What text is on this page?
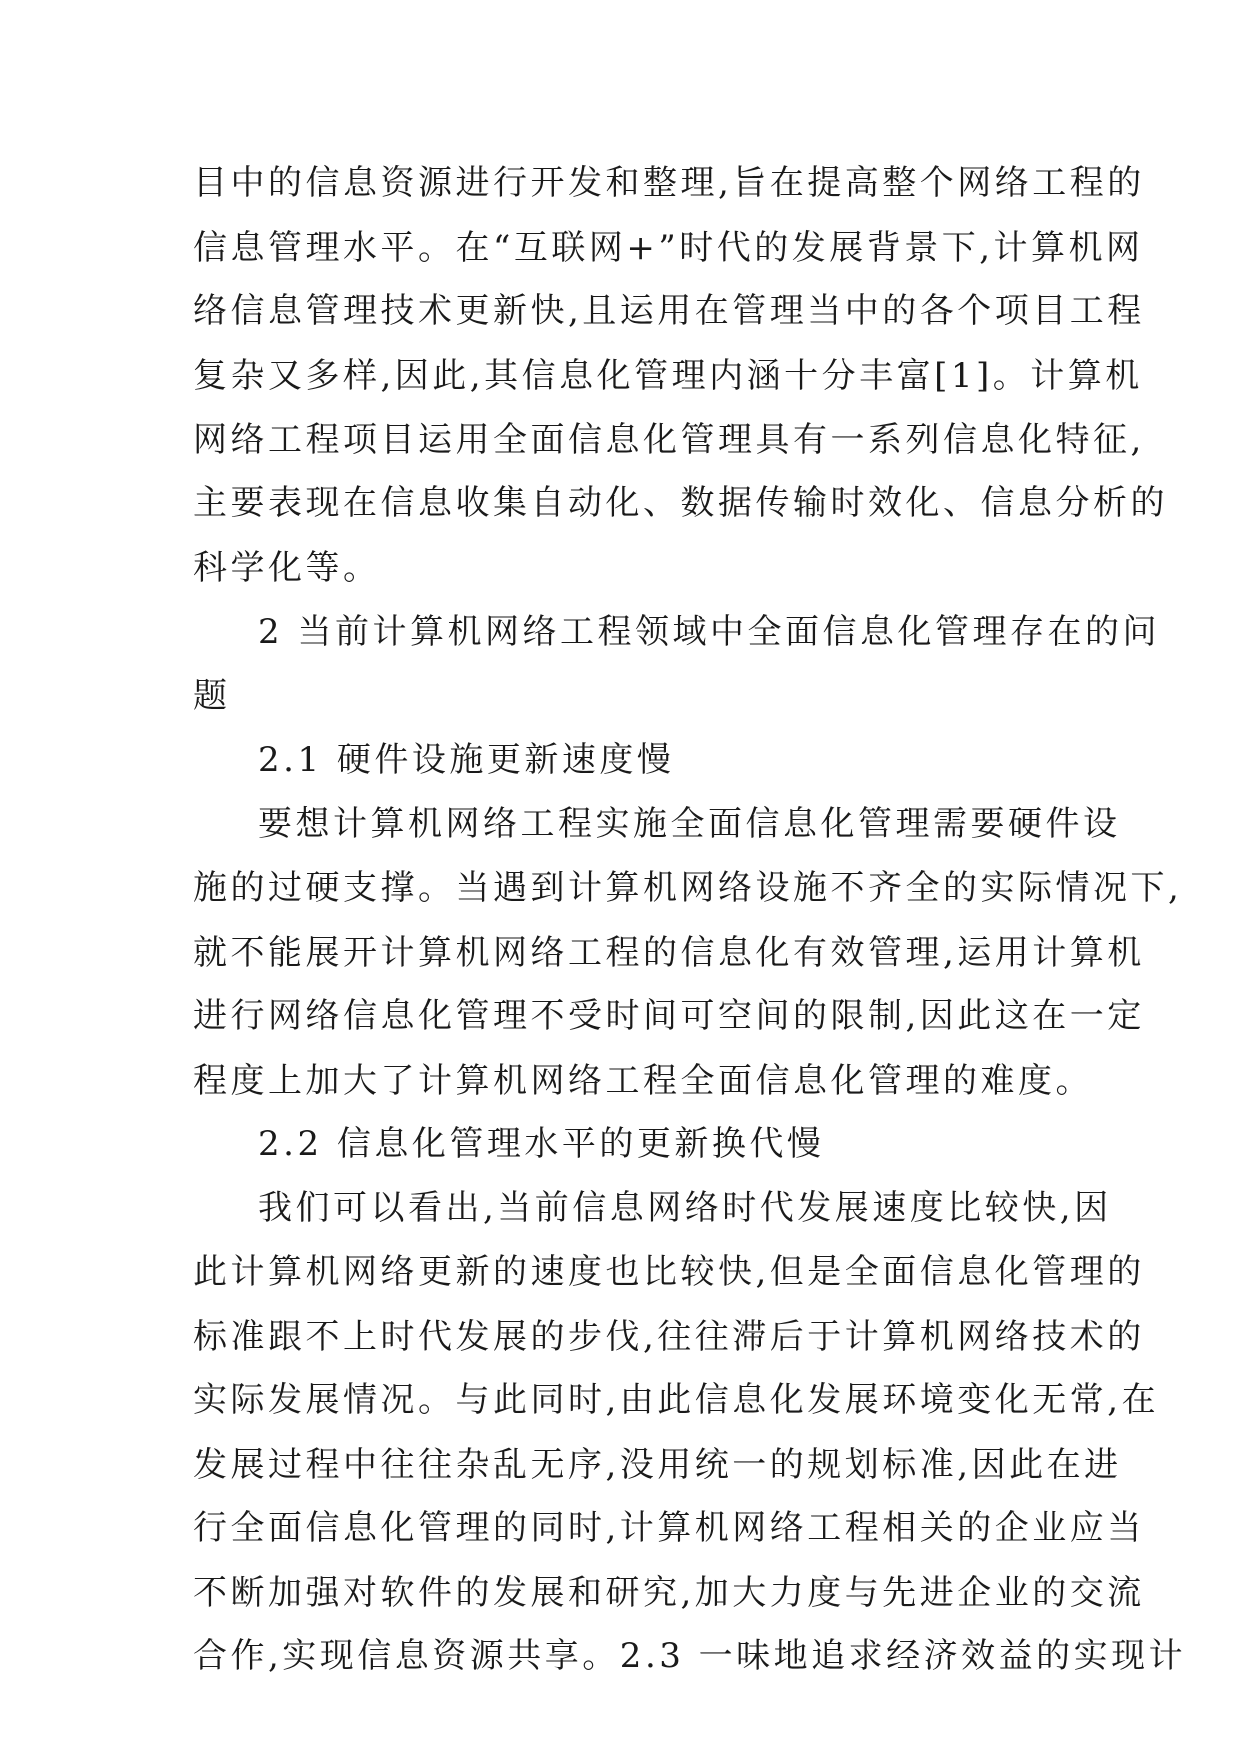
目中的信息资源进行开发和整理,旨在提高整个网络工程的
信息管理水平。在“互联网+”时代的发展背景下,计算机网
络信息管理技术更新快,且运用在管理当中的各个项目工程
复杂又多样,因此,其信息化管理内涵十分丰富[1]。计算机
网络工程项目运用全面信息化管理具有一系列信息化特征,
主要表现在信息收集自动化、数据传输时效化、信息分析的
科学化等。
2 当前计算机网络工程领域中全面信息化管理存在的问
题
2.1 硬件设施更新速度慢
要想计算机网络工程实施全面信息化管理需要硬件设
施的过硬支撑。当遇到计算机网络设施不齐全的实际情况下,
就不能展开计算机网络工程的信息化有效管理,运用计算机
进行网络信息化管理不受时间可空间的限制,因此这在一定
程度上加大了计算机网络工程全面信息化管理的难度。
2.2 信息化管理水平的更新换代慢
我们可以看出,当前信息网络时代发展速度比较快,因
此计算机网络更新的速度也比较快,但是全面信息化管理的
标准跟不上时代发展的步伐,往往滞后于计算机网络技术的
实际发展情况。与此同时,由此信息化发展环境变化无常,在
发展过程中往往杂乱无序,没用统一的规划标准,因此在进
行全面信息化管理的同时,计算机网络工程相关的企业应当
不断加强对软件的发展和研究,加大力度与先进企业的交流
合作,实现信息资源共享。2.3 一味地追求经济效益的实现计
